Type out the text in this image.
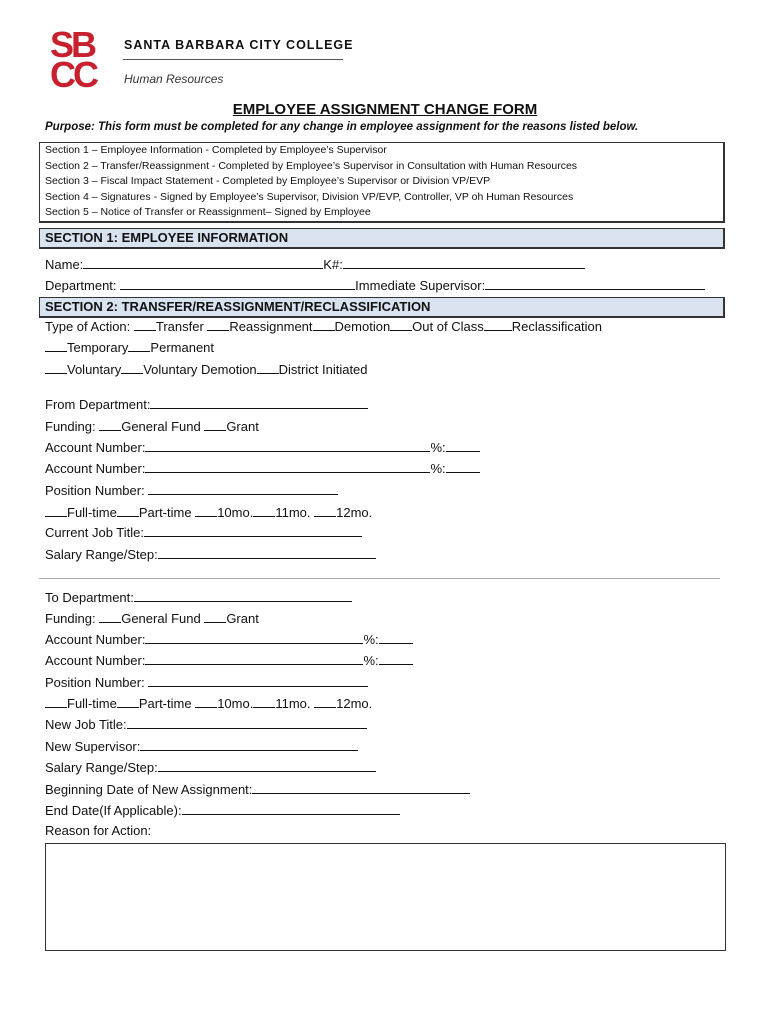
SB
CC
SANTA BARBARA CITY COLLEGE
Human Resources
EMPLOYEE ASSIGNMENT CHANGE FORM
Purpose: This form must be completed for any change in employee assignment for the reasons listed below.
Section 1 – Employee Information - Completed by Employee’s Supervisor
Section 2 – Transfer/Reassignment - Completed by Employee’s Supervisor in Consultation with Human Resources
Section 3 – Fiscal Impact Statement - Completed by Employee’s Supervisor or Division VP/EVP
Section 4 – Signatures - Signed by Employee’s Supervisor, Division VP/EVP, Controller, VP oh Human Resources
Section 5 – Notice of Transfer or Reassignment– Signed by Employee
SECTION 1: EMPLOYEE INFORMATION
Name:	K#:
Department:	Immediate Supervisor:
SECTION 2: TRANSFER/REASSIGNMENT/RECLASSIFICATION
Type of Action: Transfer Reassignment Demotion Out of Class Reclassification
Temporary Permanent
Voluntary Voluntary Demotion District Initiated
From Department:
Funding: General Fund Grant
Account Number:	%:
Account Number:	%:
Position Number:
Full-time Part-time 10mo. 11mo. 12mo.
Current Job Title:
Salary Range/Step:
To Department:
Funding: General Fund Grant
Account Number:	%:
Account Number:	%:
Position Number:
Full-time Part-time 10mo. 11mo. 12mo.
New Job Title:
New Supervisor:
Salary Range/Step:
Beginning Date of New Assignment:
End Date(If Applicable):
Reason for Action:
